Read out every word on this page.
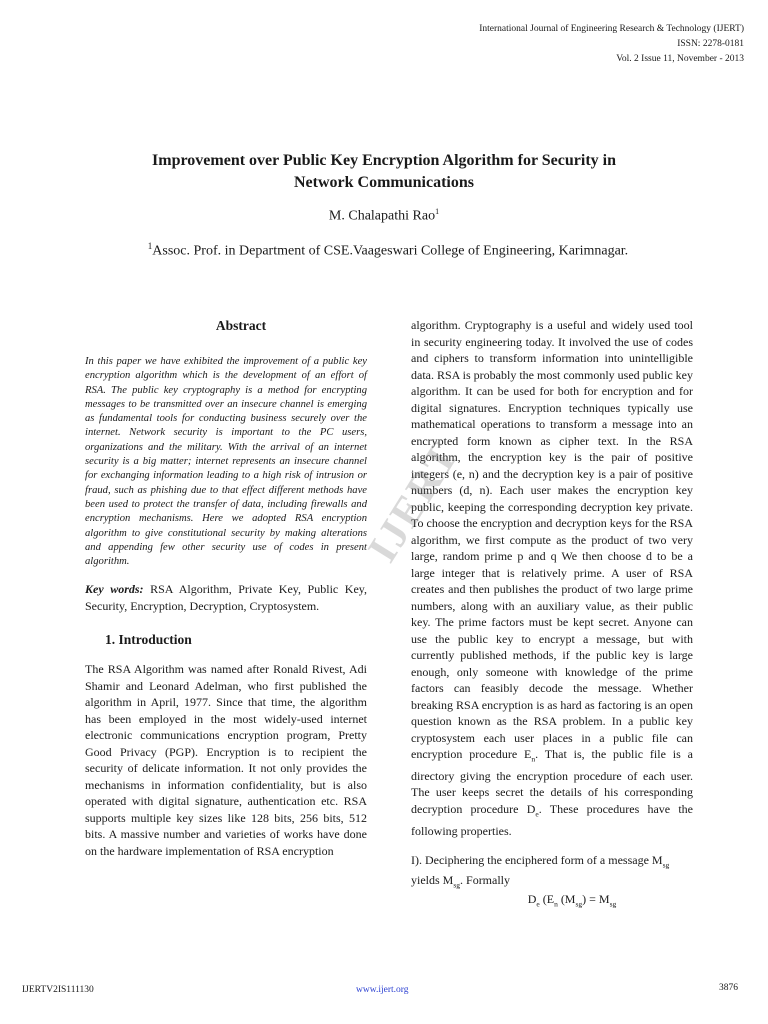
International Journal of Engineering Research & Technology (IJERT)
ISSN: 2278-0181
Vol. 2 Issue 11, November - 2013
Improvement over Public Key Encryption Algorithm for Security in
Network Communications
M. Chalapathi Rao$^1$
$^1$Assoc. Prof. in Department of CSE.Vaageswari College of Engineering, Karimnagar.
Abstract

In this paper we have exhibited the improvement of a public key encryption algorithm which is the development of an effort of RSA. The public key cryptography is a method for encrypting messages to be transmitted over an insecure channel is emerging as fundamental tools for conducting business securely over the internet. Network security is important to the PC users, organizations and the military. With the arrival of an internet security is a big matter; internet represents an insecure channel for exchanging information leading to a high risk of intrusion or fraud, such as phishing due to that effect different methods have been used to protect the transfer of data, including firewalls and encryption mechanisms. Here we adopted RSA encryption algorithm to give constitutional security by making alterations and appending few other security use of codes in present algorithm.

Key words: RSA Algorithm, Private Key, Public Key, Security, Encryption, Decryption, Cryptosystem.
1. Introduction

The RSA Algorithm was named after Ronald Rivest, Adi Shamir and Leonard Adelman, who first published the algorithm in April, 1977. Since that time, the algorithm has been employed in the most widely-used internet electronic communications encryption program, Pretty Good Privacy (PGP). Encryption is to recipient the security of delicate information. It not only provides the mechanisms in information confidentiality, but is also operated with digital signature, authentication etc. RSA supports multiple key sizes like 128 bits, 256 bits, 512 bits. A massive number and varieties of works have done on the hardware implementation of RSA encryption

algorithm. Cryptography is a useful and widely used tool in security engineering today. It involved the use of codes and ciphers to transform information into unintelligible data. RSA is probably the most commonly used public key algorithm. It can be used for both for encryption and for digital signatures. Encryption techniques typically use mathematical operations to transform a message into an encrypted form known as cipher text. In the RSA algorithm, the encryption key is the pair of positive integers (e, n) and the decryption key is a pair of positive numbers (d, n). Each user makes the encryption key public, keeping the corresponding decryption key private. To choose the encryption and decryption keys for the RSA algorithm, we first compute as the product of two very large, random prime p and q We then choose d to be a large integer that is relatively prime. A user of RSA creates and then publishes the product of two large prime numbers, along with an auxiliary value, as their public key. The prime factors must be kept secret. Anyone can use the public key to encrypt a message, but with currently published methods, if the public key is large enough, only someone with knowledge of the prime factors can feasibly decode the message. Whether breaking RSA encryption is as hard as factoring is an open question known as the RSA problem. In a public key cryptosystem each user places in a public file can encryption procedure $E_n$. That is, the public file is a directory giving the encryption procedure of each user. The user keeps secret the details of his corresponding decryption procedure $D_e$. These procedures have the following properties.

I). Deciphering the enciphered form of a message $M_{sg}$ yields $M_{sg}$. Formally
$D_e$ ($E_n$ $(M_{sg}) = M_{sg}$
IJERT
IJERTV2IS111130	www.ijert.org	3876
